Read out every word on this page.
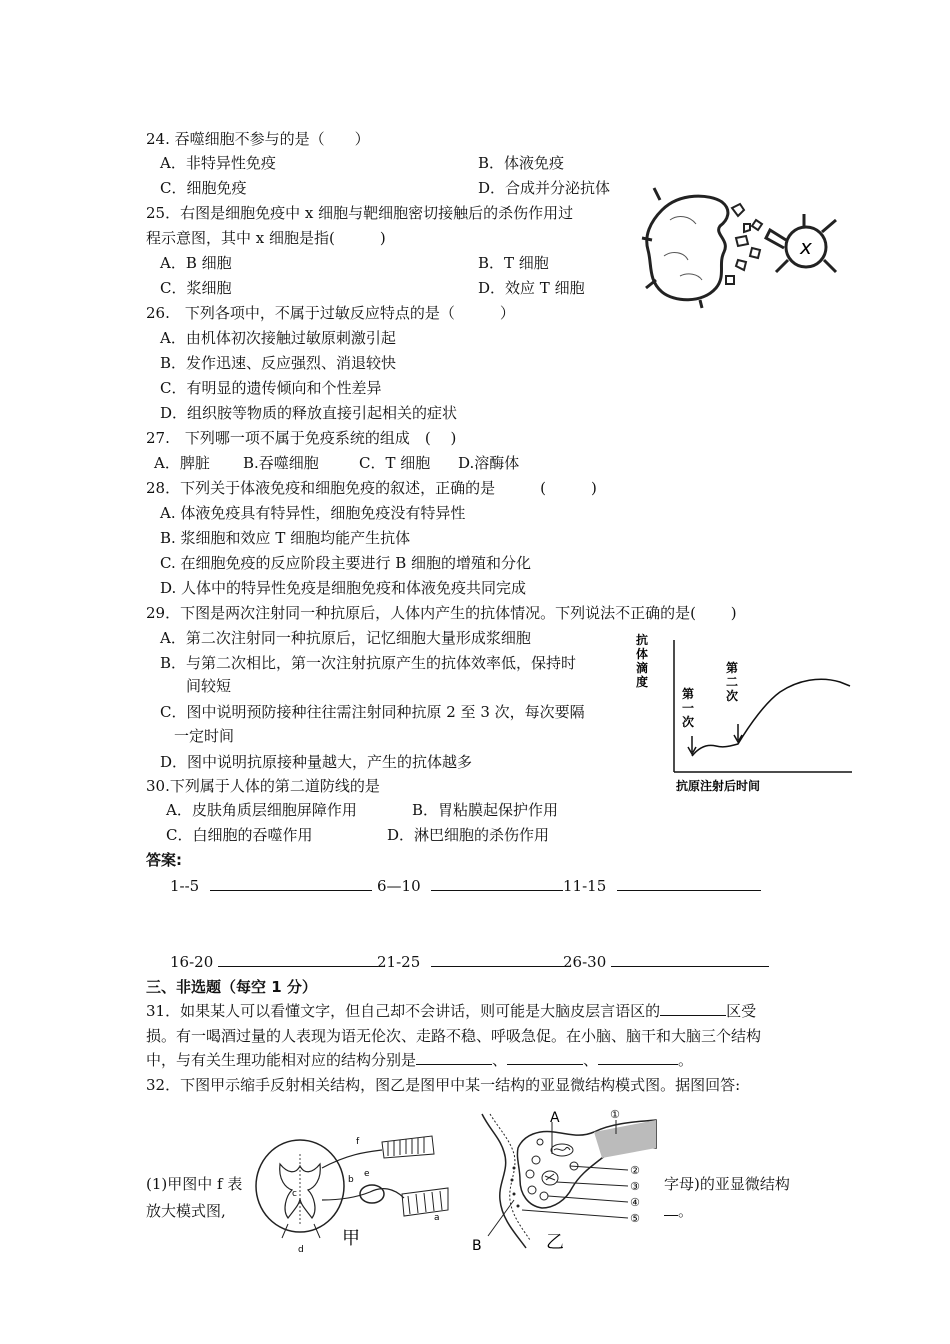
24. 吞噬细胞不参与的是（　　）
A．非特异性免疫	B．体液免疫
C．细胞免疫	D．合成并分泌抗体
25．右图是细胞免疫中 x 细胞与靶细胞密切接触后的杀伤作用过
程示意图，其中 x 细胞是指(　　　)
A．B 细胞	B．T 细胞
C．浆细胞	D．效应 T 细胞
x
26.　下列各项中，不属于过敏反应特点的是（　　　）
A．由机体初次接触过敏原刺激引起
B．发作迅速、反应强烈、消退较快
C．有明显的遗传倾向和个性差异
D．组织胺等物质的释放直接引起相关的症状
27.　下列哪一项不属于免疫系统的组成　(　 )
A．脾脏 B.吞噬细胞	C．T 细胞 D.溶酶体
28．下列关于体液免疫和细胞免疫的叙述，正确的是　　　(　　　)
A. 体液免疫具有特异性，细胞免疫没有特异性
B. 浆细胞和效应 T 细胞均能产生抗体
C. 在细胞免疫的反应阶段主要进行 B 细胞的增殖和分化
D. 人体中的特异性免疫是细胞免疫和体液免疫共同完成
29．下图是两次注射同一种抗原后，人体内产生的抗体情况。下列说法不正确的是(　　 )
A．第二次注射同一种抗原后，记忆细胞大量形成浆细胞
B．与第二次相比，第一次注射抗原产生的抗体效率低，保持时
间较短
C．图中说明预防接种往往需注射同种抗原 2 至 3 次，每次要隔
一定时间
D．图中说明抗原接种量越大，产生的抗体越多
抗
体
滴
度
第
一
次
第
二
次
抗原注射后时间
30.下列属于人体的第二道防线的是
A．皮肤角质层细胞屏障作用	B．胃粘膜起保护作用
C．白细胞的吞噬作用	D．淋巴细胞的杀伤作用
答案:
1--5	6—10	11-15
16-20	21-25	26-30
三、非选题（每空 1 分）
31．如果某人可以看懂文字，但自己却不会讲话，则可能是大脑皮层言语区的	区受
损。有一喝酒过量的人表现为语无伦次、走路不稳、呼吸急促。在小脑、脑干和大脑三个结构
中，与有关生理功能相对应的结构分别是	、	、	。
32．下图甲示缩手反射相关结构，图乙是图甲中某一结构的亚显微结构模式图。据图回答:
(1)甲图中 f 表	字母)的亚显微结构
放大模式图,	。
f
e
b
c
a
d
甲
A
B
①
②
③
④
⑤
乙
